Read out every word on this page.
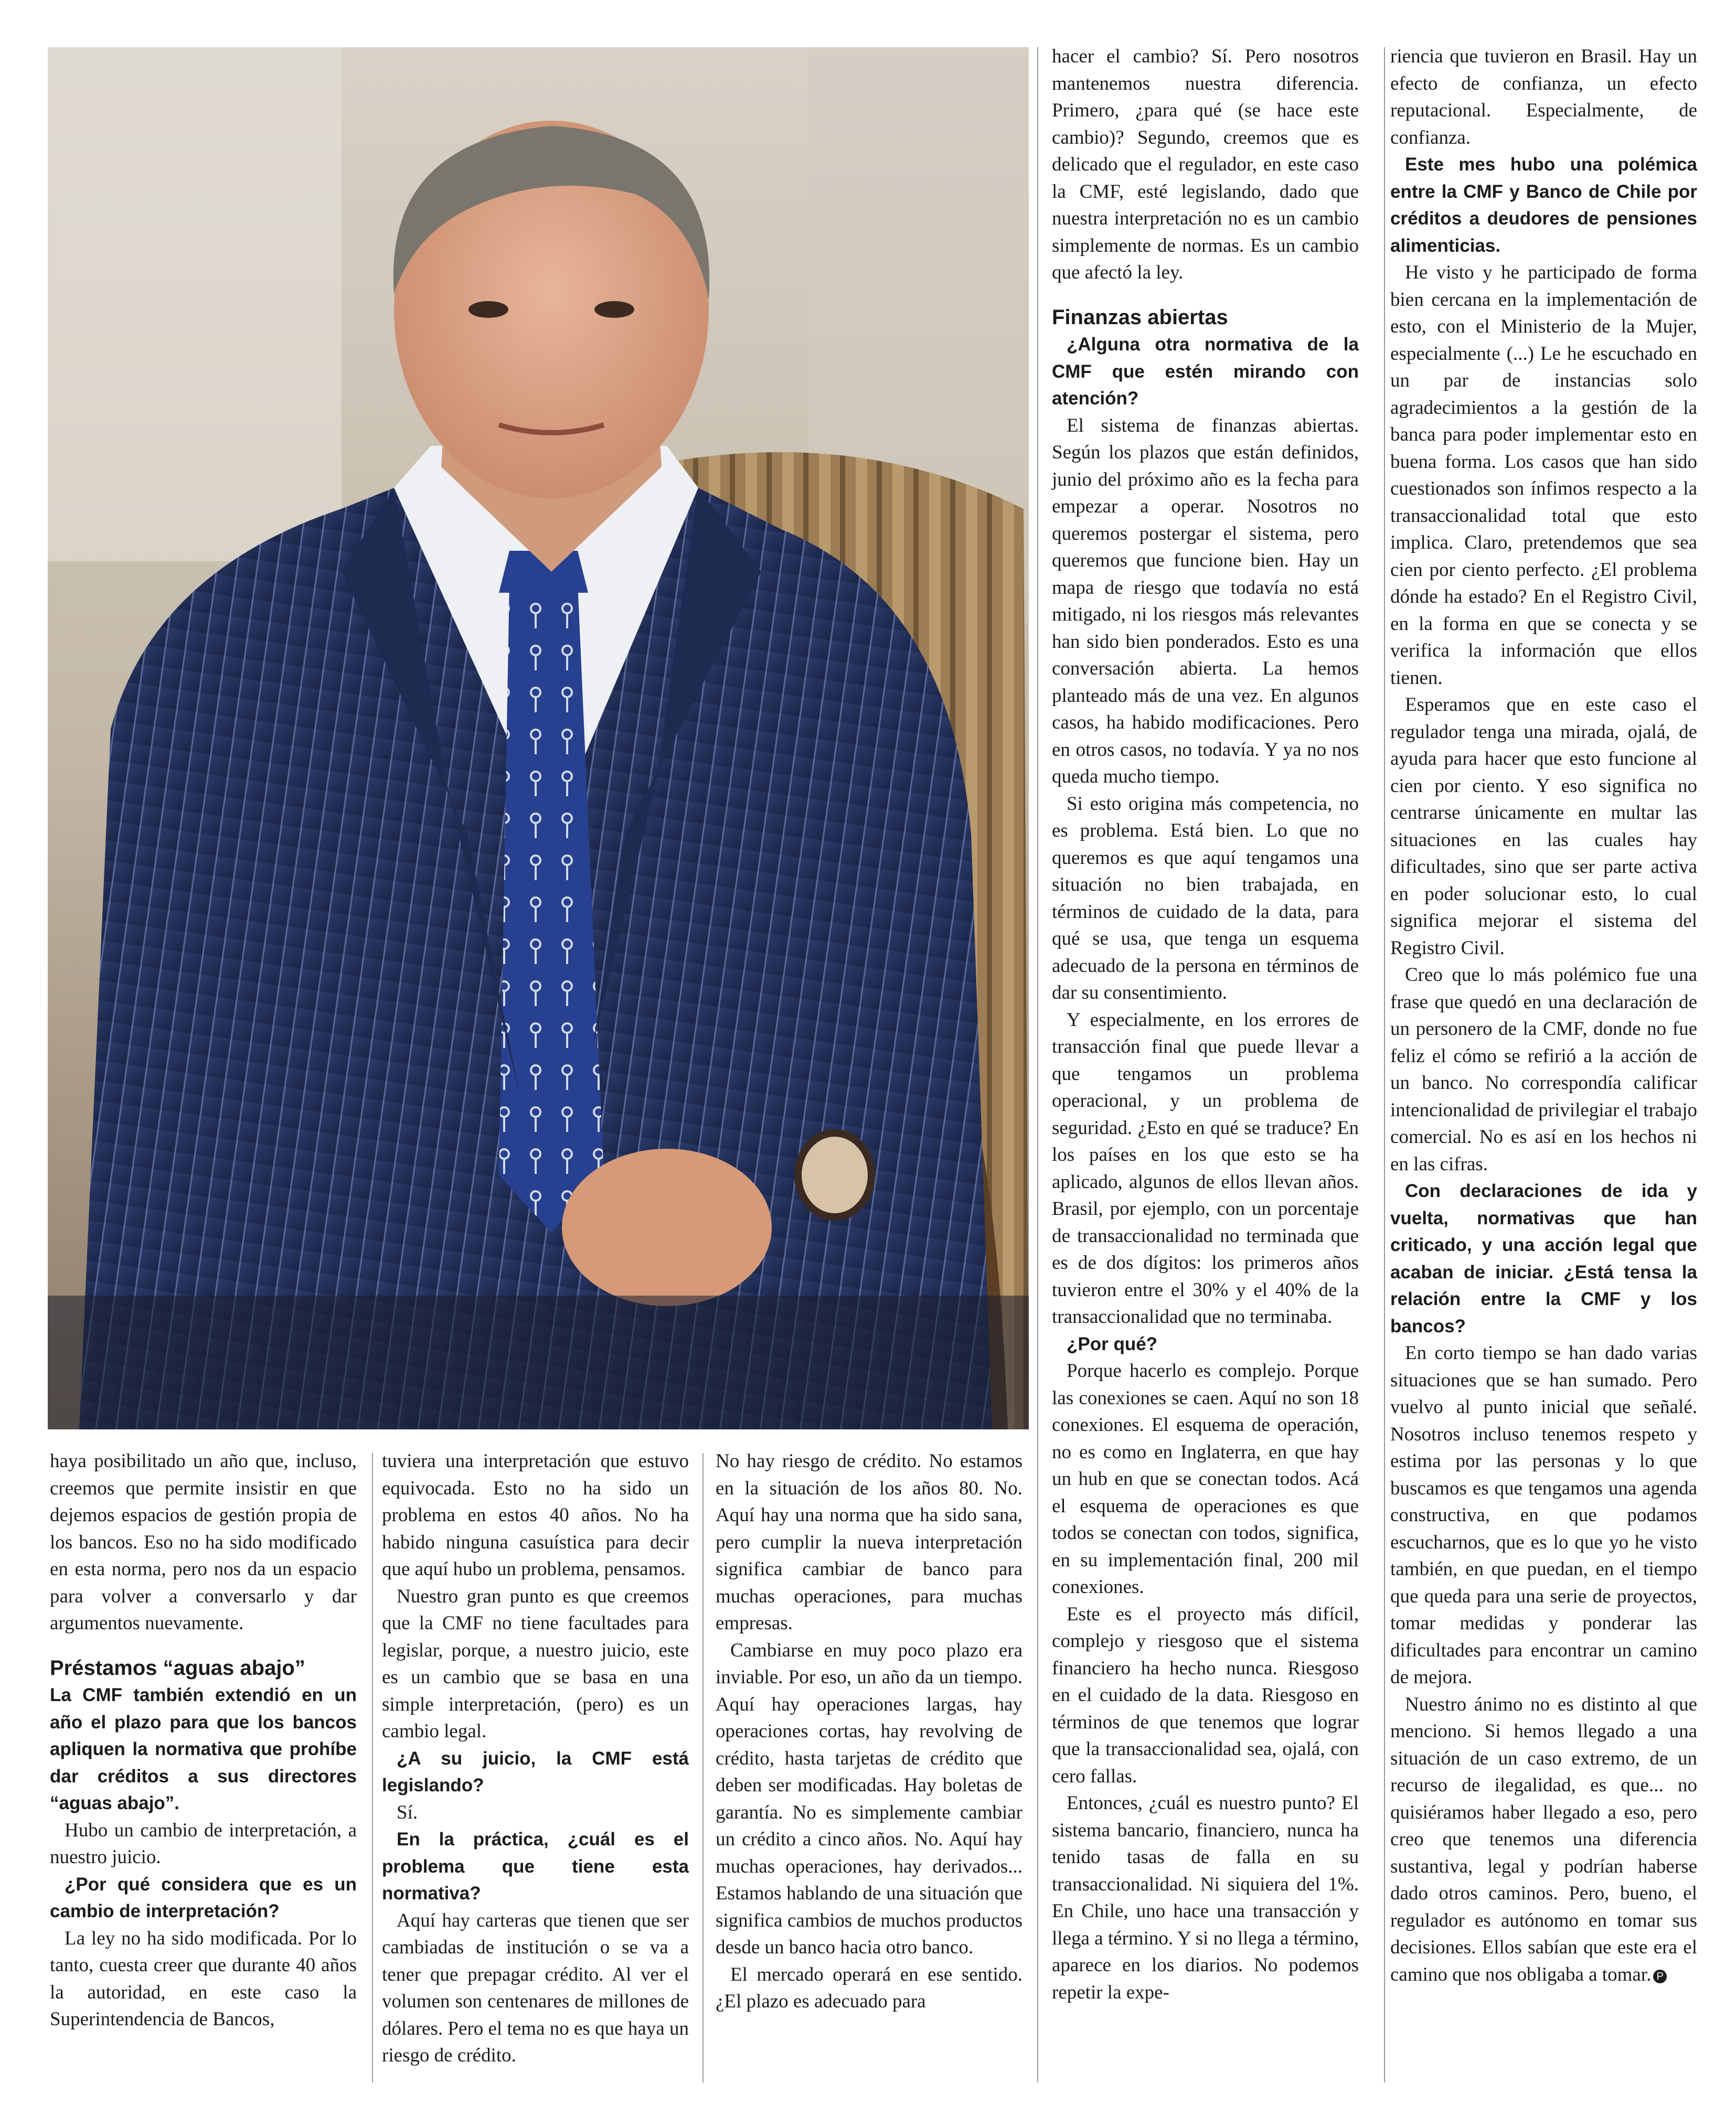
haya posibilitado un año que, incluso, creemos que permite insistir en que dejemos espacios de gestión propia de los bancos. Eso no ha sido modificado en esta norma, pero nos da un espacio para volver a conversarlo y dar argumentos nuevamente.

Préstamos “aguas abajo”

La CMF también extendió en un año el plazo para que los bancos apliquen la normativa que prohíbe dar créditos a sus directores “aguas abajo”.

Hubo un cambio de interpretación, a nuestro juicio.

¿Por qué considera que es un cambio de interpretación?

La ley no ha sido modificada. Por lo tanto, cuesta creer que durante 40 años la autoridad, en este caso la Superintendencia de Bancos,

tuviera una interpretación que estuvo equivocada. Esto no ha sido un problema en estos 40 años. No ha habido ninguna casuística para decir que aquí hubo un problema, pensamos.

Nuestro gran punto es que creemos que la CMF no tiene facultades para legislar, porque, a nuestro juicio, este es un cambio que se basa en una simple interpretación, (pero) es un cambio legal.

¿A su juicio, la CMF está legislando?

Sí.

En la práctica, ¿cuál es el problema que tiene esta normativa?

Aquí hay carteras que tienen que ser cambiadas de institución o se va a tener que prepagar crédito. Al ver el volumen son centenares de millones de dólares. Pero el tema no es que haya un riesgo de crédito.

No hay riesgo de crédito. No estamos en la situación de los años 80. No. Aquí hay una norma que ha sido sana, pero cumplir la nueva interpretación significa cambiar de banco para muchas operaciones, para muchas empresas.

Cambiarse en muy poco plazo era inviable. Por eso, un año da un tiempo. Aquí hay operaciones largas, hay operaciones cortas, hay revolving de crédito, hasta tarjetas de crédito que deben ser modificadas. Hay boletas de garantía. No es simplemente cambiar un crédito a cinco años. No. Aquí hay muchas operaciones, hay derivados... Estamos hablando de una situación que significa cambios de muchos productos desde un banco hacia otro banco.

El mercado operará en ese sentido. ¿El plazo es adecuado para

hacer el cambio? Sí. Pero nosotros mantenemos nuestra diferencia. Primero, ¿para qué (se hace este cambio)? Segundo, creemos que es delicado que el regulador, en este caso la CMF, esté legislando, dado que nuestra interpretación no es un cambio simplemente de normas. Es un cambio que afectó la ley.

Finanzas abiertas

¿Alguna otra normativa de la CMF que estén mirando con atención?

El sistema de finanzas abiertas. Según los plazos que están definidos, junio del próximo año es la fecha para empezar a operar. Nosotros no queremos postergar el sistema, pero queremos que funcione bien. Hay un mapa de riesgo que todavía no está mitigado, ni los riesgos más relevantes han sido bien ponderados. Esto es una conversación abierta. La hemos planteado más de una vez. En algunos casos, ha habido modificaciones. Pero en otros casos, no todavía. Y ya no nos queda mucho tiempo.

Si esto origina más competencia, no es problema. Está bien. Lo que no queremos es que aquí tengamos una situación no bien trabajada, en términos de cuidado de la data, para qué se usa, que tenga un esquema adecuado de la persona en términos de dar su consentimiento.

Y especialmente, en los errores de transacción final que puede llevar a que tengamos un problema operacional, y un problema de seguridad. ¿Esto en qué se traduce? En los países en los que esto se ha aplicado, algunos de ellos llevan años. Brasil, por ejemplo, con un porcentaje de transaccionalidad no terminada que es de dos dígitos: los primeros años tuvieron entre el 30% y el 40% de la transaccionalidad que no terminaba.

¿Por qué?

Porque hacerlo es complejo. Porque las conexiones se caen. Aquí no son 18 conexiones. El esquema de operación, no es como en Inglaterra, en que hay un hub en que se conectan todos. Acá el esquema de operaciones es que todos se conectan con todos, significa, en su implementación final, 200 mil conexiones.

Este es el proyecto más difícil, complejo y riesgoso que el sistema financiero ha hecho nunca. Riesgoso en el cuidado de la data. Riesgoso en términos de que tenemos que lograr que la transaccionalidad sea, ojalá, con cero fallas.

Entonces, ¿cuál es nuestro punto? El sistema bancario, financiero, nunca ha tenido tasas de falla en su transaccionalidad. Ni siquiera del 1%. En Chile, uno hace una transacción y llega a término. Y si no llega a término, aparece en los diarios. No podemos repetir la expe-

riencia que tuvieron en Brasil. Hay un efecto de confianza, un efecto reputacional. Especialmente, de confianza.

Este mes hubo una polémica entre la CMF y Banco de Chile por créditos a deudores de pensiones alimenticias.

He visto y he participado de forma bien cercana en la implementación de esto, con el Ministerio de la Mujer, especialmente (...) Le he escuchado en un par de instancias solo agradecimientos a la gestión de la banca para poder implementar esto en buena forma. Los casos que han sido cuestionados son ínfimos respecto a la transaccionalidad total que esto implica. Claro, pretendemos que sea cien por ciento perfecto. ¿El problema dónde ha estado? En el Registro Civil, en la forma en que se conecta y se verifica la información que ellos tienen.

Esperamos que en este caso el regulador tenga una mirada, ojalá, de ayuda para hacer que esto funcione al cien por ciento. Y eso significa no centrarse únicamente en multar las situaciones en las cuales hay dificultades, sino que ser parte activa en poder solucionar esto, lo cual significa mejorar el sistema del Registro Civil.

Creo que lo más polémico fue una frase que quedó en una declaración de un personero de la CMF, donde no fue feliz el cómo se refirió a la acción de un banco. No correspondía calificar intencionalidad de privilegiar el trabajo comercial. No es así en los hechos ni en las cifras.

Con declaraciones de ida y vuelta, normativas que han criticado, y una acción legal que acaban de iniciar. ¿Está tensa la relación entre la CMF y los bancos?

En corto tiempo se han dado varias situaciones que se han sumado. Pero vuelvo al punto inicial que señalé. Nosotros incluso tenemos respeto y estima por las personas y lo que buscamos es que tengamos una agenda constructiva, en que podamos escucharnos, que es lo que yo he visto también, en que puedan, en el tiempo que queda para una serie de proyectos, tomar medidas y ponderar las dificultades para encontrar un camino de mejora.

Nuestro ánimo no es distinto al que menciono. Si hemos llegado a una situación de un caso extremo, de un recurso de ilegalidad, es que... no quisiéramos haber llegado a eso, pero creo que tenemos una diferencia sustantiva, legal y podrían haberse dado otros caminos. Pero, bueno, el regulador es autónomo en tomar sus decisiones. Ellos sabían que este era el camino que nos obligaba a tomar. P
